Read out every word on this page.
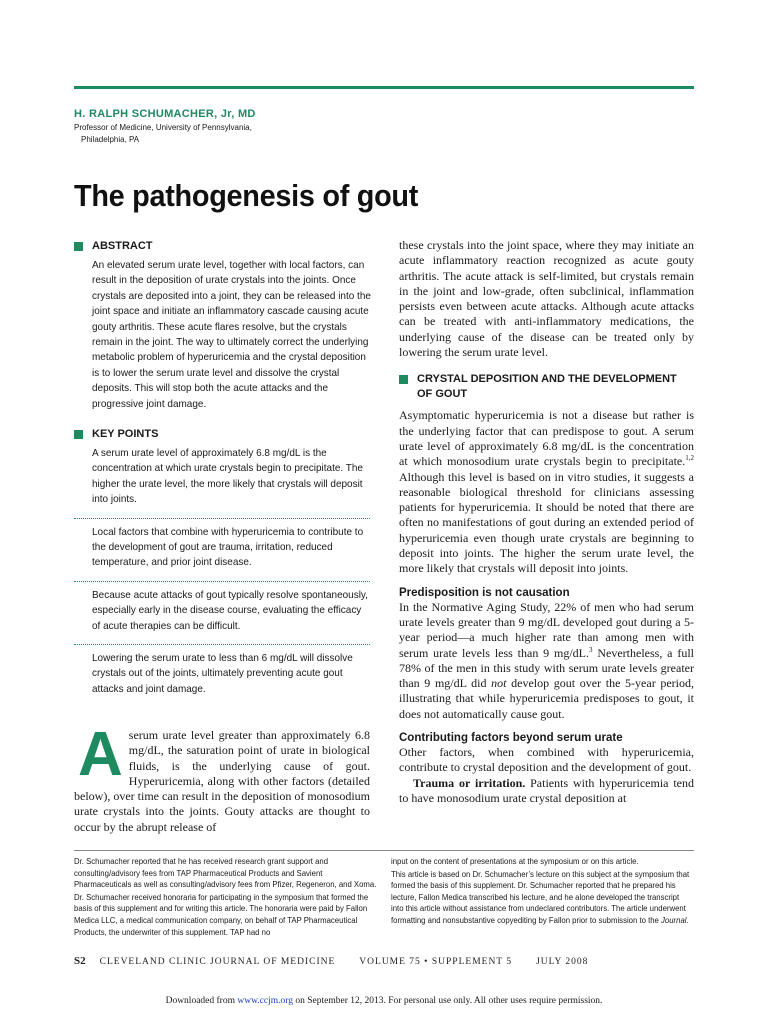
H. RALPH SCHUMACHER, Jr, MD
Professor of Medicine, University of Pennsylvania,
Philadelphia, PA
The pathogenesis of gout
ABSTRACT
An elevated serum urate level, together with local factors, can result in the deposition of urate crystals into the joints. Once crystals are deposited into a joint, they can be released into the joint space and initiate an inflammatory cascade causing acute gouty arthritis. These acute flares resolve, but the crystals remain in the joint. The way to ultimately correct the underlying metabolic problem of hyperuricemia and the crystal deposition is to lower the serum urate level and dissolve the crystal deposits. This will stop both the acute attacks and the progressive joint damage.
KEY POINTS
A serum urate level of approximately 6.8 mg/dL is the concentration at which urate crystals begin to precipitate. The higher the urate level, the more likely that crystals will deposit into joints.
Local factors that combine with hyperuricemia to contribute to the development of gout are trauma, irritation, reduced temperature, and prior joint disease.
Because acute attacks of gout typically resolve spontaneously, especially early in the disease course, evaluating the efficacy of acute therapies can be difficult.
Lowering the serum urate to less than 6 mg/dL will dissolve crystals out of the joints, ultimately preventing acute gout attacks and joint damage.
A serum urate level greater than approximately 6.8 mg/dL, the saturation point of urate in biological fluids, is the underlying cause of gout. Hyperuricemia, along with other factors (detailed below), over time can result in the deposition of monosodium urate crystals into the joints. Gouty attacks are thought to occur by the abrupt release of

these crystals into the joint space, where they may initiate an acute inflammatory reaction recognized as acute gouty arthritis. The acute attack is self-limited, but crystals remain in the joint and low-grade, often subclinical, inflammation persists even between acute attacks. Although acute attacks can be treated with anti-inflammatory medications, the underlying cause of the disease can be treated only by lowering the serum urate level.

CRYSTAL DEPOSITION AND THE DEVELOPMENT
OF GOUT

Asymptomatic hyperuricemia is not a disease but rather is the underlying factor that can predispose to gout. A serum urate level of approximately 6.8 mg/dL is the concentration at which monosodium urate crystals begin to precipitate.$^{1,2}$ Although this level is based on in vitro studies, it suggests a reasonable biological threshold for clinicians assessing patients for hyperuricemia. It should be noted that there are often no manifestations of gout during an extended period of hyperuricemia even though urate crystals are beginning to deposit into joints. The higher the serum urate level, the more likely that crystals will deposit into joints.

Predisposition is not causation

In the Normative Aging Study, 22% of men who had serum urate levels greater than 9 mg/dL developed gout during a 5-year period—a much higher rate than among men with serum urate levels less than 9 mg/dL.$^3$ Nevertheless, a full 78% of the men in this study with serum urate levels greater than 9 mg/dL did not develop gout over the 5-year period, illustrating that while hyperuricemia predisposes to gout, it does not automatically cause gout.

Contributing factors beyond serum urate

Other factors, when combined with hyperuricemia, contribute to crystal deposition and the development of gout.

Trauma or irritation. Patients with hyperuricemia tend to have monosodium urate crystal deposition at

Dr. Schumacher reported that he has received research grant support and consulting/advisory fees from TAP Pharmaceutical Products and Savient Pharmaceuticals as well as consulting/advisory fees from Pfizer, Regeneron, and Xoma.

Dr. Schumacher received honoraria for participating in the symposium that formed the basis of this supplement and for writing this article. The honoraria were paid by Fallon Medica LLC, a medical communication company, on behalf of TAP Pharmaceutical Products, the underwriter of this supplement. TAP had no

input on the content of presentations at the symposium or on this article.

This article is based on Dr. Schumacher’s lecture on this subject at the symposium that formed the basis of this supplement. Dr. Schumacher reported that he prepared his lecture, Fallon Medica transcribed his lecture, and he alone developed the transcript into this article without assistance from undeclared contributors. The article underwent formatting and nonsubstantive copyediting by Fallon prior to submission to the Journal.

S2 CLEVELAND CLINIC JOURNAL OF MEDICINE	VOLUME 75 • SUPPLEMENT 5	JULY 2008
Downloaded from www.ccjm.org on September 12, 2013. For personal use only. All other uses require permission.
